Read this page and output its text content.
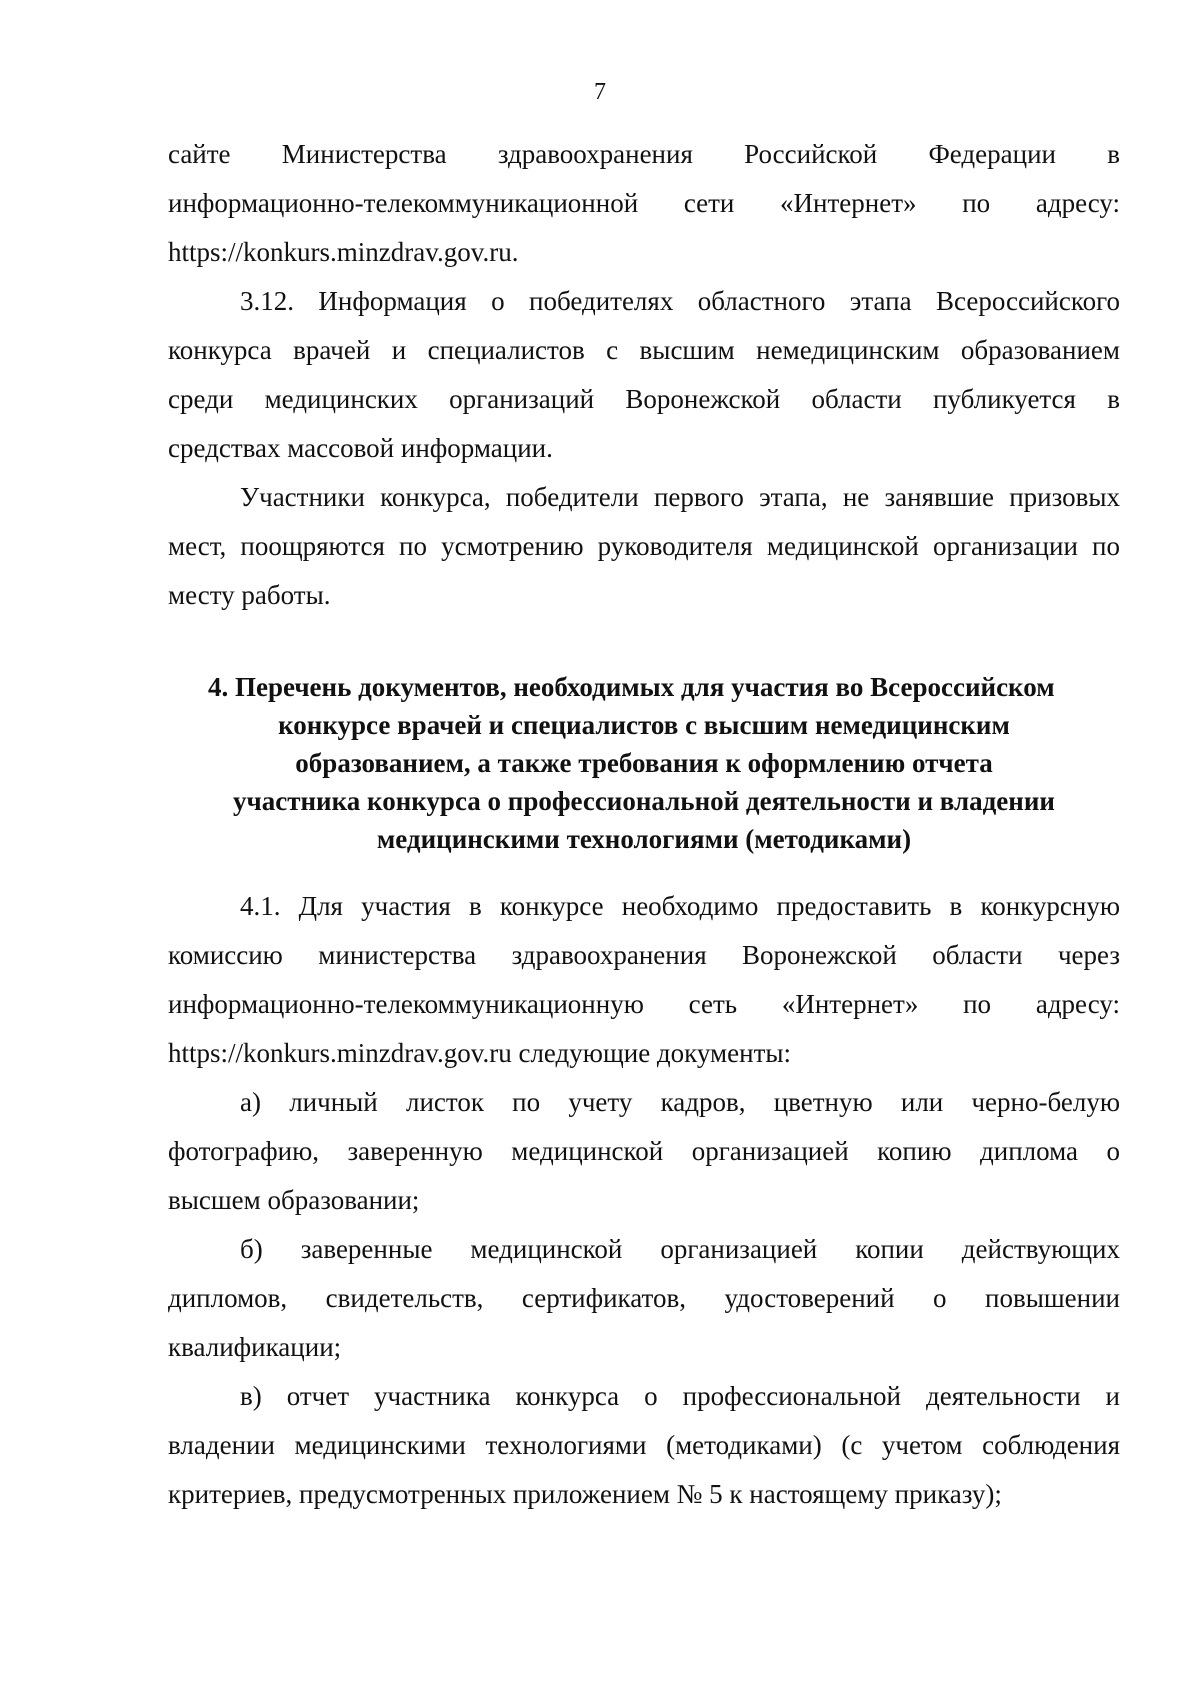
7
сайте Министерства здравоохранения Российской Федерации в
информационно-телекоммуникационной сети «Интернет» по адресу:
https://konkurs.minzdrav.gov.ru.
3.12. Информация о победителях областного этапа Всероссийского
конкурса врачей и специалистов с высшим немедицинским образованием
среди медицинских организаций Воронежской области публикуется в
средствах массовой информации.
Участники конкурса, победители первого этапа, не занявшие призовых
мест, поощряются по усмотрению руководителя медицинской организации по
месту работы.
4. Перечень документов, необходимых для участия во Всероссийском
конкурсе врачей и специалистов с высшим немедицинским
образованием, а также требования к оформлению отчета
участника конкурса о профессиональной деятельности и владении
медицинскими технологиями (методиками)
4.1. Для участия в конкурсе необходимо предоставить в конкурсную
комиссию министерства здравоохранения Воронежской области через
информационно-телекоммуникационную сеть «Интернет» по адресу:
https://konkurs.minzdrav.gov.ru следующие документы:
а) личный листок по учету кадров, цветную или черно-белую
фотографию, заверенную медицинской организацией копию диплома о
высшем образовании;
б) заверенные медицинской организацией копии действующих
дипломов, свидетельств, сертификатов, удостоверений о повышении
квалификации;
в) отчет участника конкурса о профессиональной деятельности и
владении медицинскими технологиями (методиками) (с учетом соблюдения
критериев, предусмотренных приложением № 5 к настоящему приказу);
